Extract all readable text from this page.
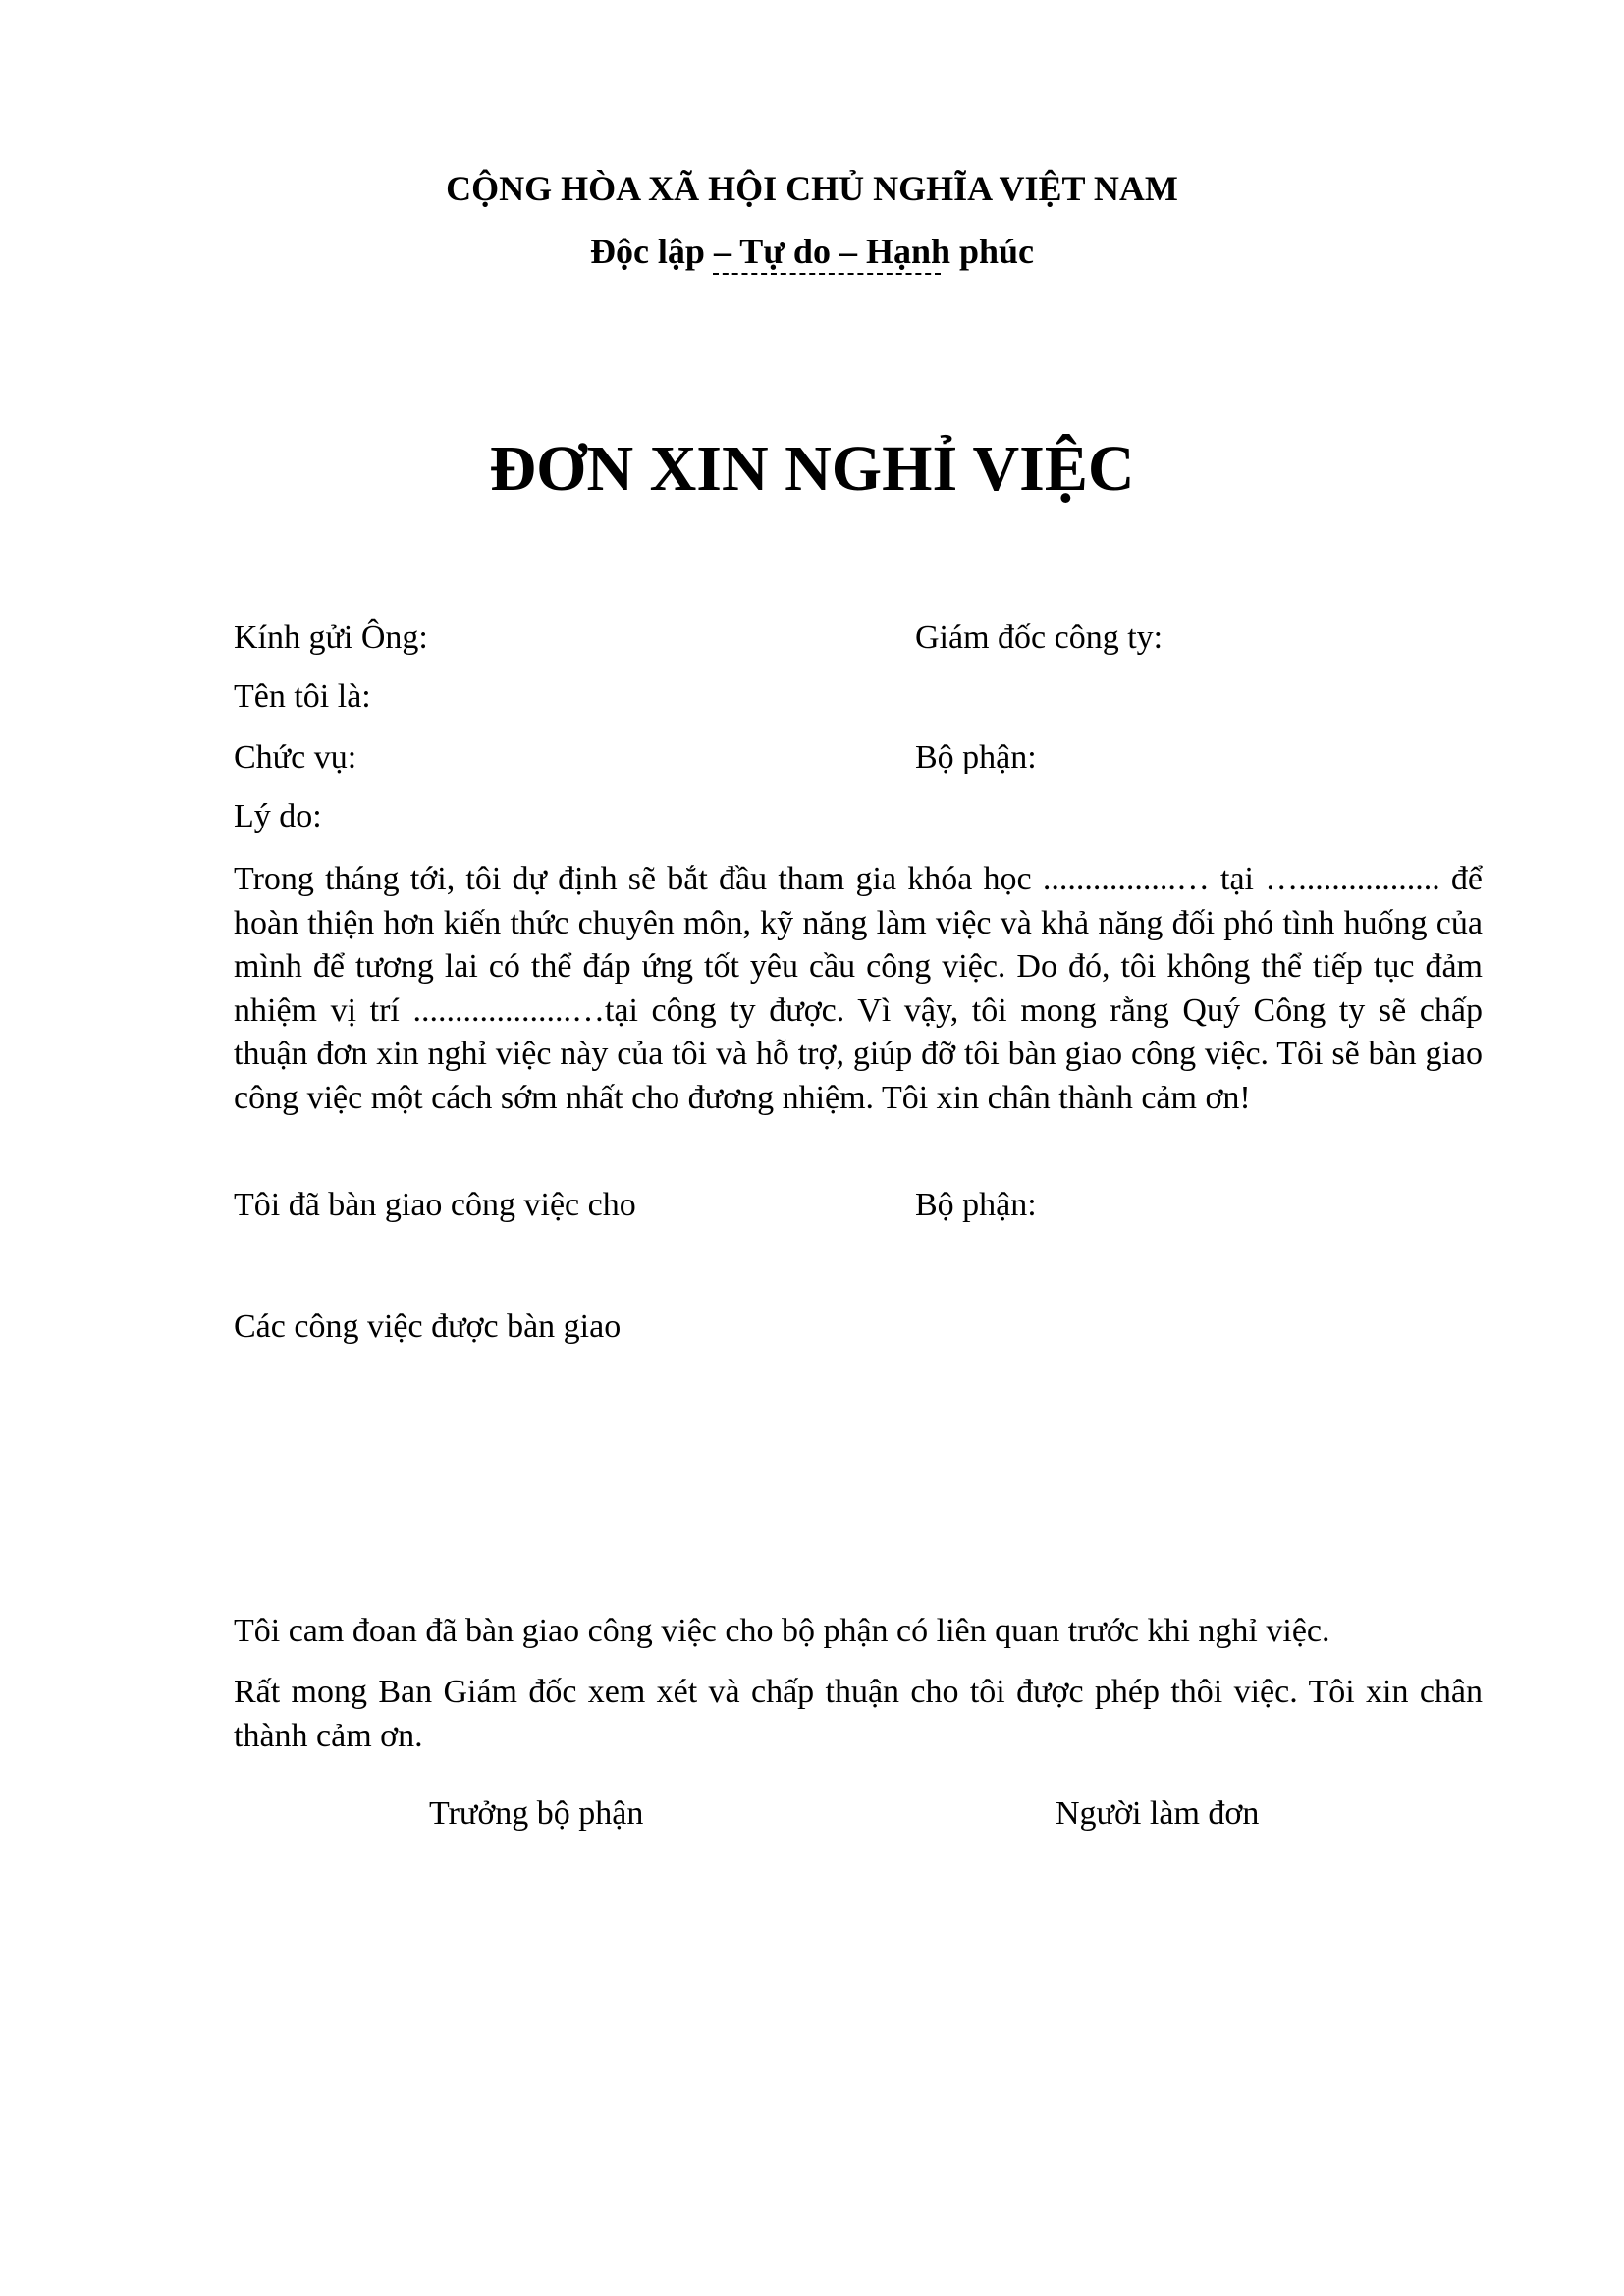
CỘNG HÒA XÃ HỘI CHỦ NGHĨA VIỆT NAM
Độc lập – Tự do – Hạnh phúc
ĐƠN XIN NGHỈ VIỆC
Kính gửi Ông:	Giám đốc công ty:
Tên tôi là:
Chức vụ:	Bộ phận:
Lý do:
Trong tháng tới, tôi dự định sẽ bắt đầu tham gia khóa học ................… tại …................. để hoàn thiện hơn kiến thức chuyên môn, kỹ năng làm việc và khả năng đối phó tình huống của mình để tương lai có thể đáp ứng tốt yêu cầu công việc. Do đó, tôi không thể tiếp tục đảm nhiệm vị trí ...................…tại công ty được. Vì vậy, tôi mong rằng Quý Công ty sẽ chấp thuận đơn xin nghỉ việc này của tôi và hỗ trợ, giúp đỡ tôi bàn giao công việc. Tôi sẽ bàn giao công việc một cách sớm nhất cho đương nhiệm. Tôi xin chân thành cảm ơn!
Tôi đã bàn giao công việc cho	Bộ phận:
Các công việc được bàn giao
Tôi cam đoan đã bàn giao công việc cho bộ phận có liên quan trước khi nghỉ việc.
Rất mong Ban Giám đốc xem xét và chấp thuận cho tôi được phép thôi việc. Tôi xin chân thành cảm ơn.
Trưởng bộ phận	Người làm đơn
